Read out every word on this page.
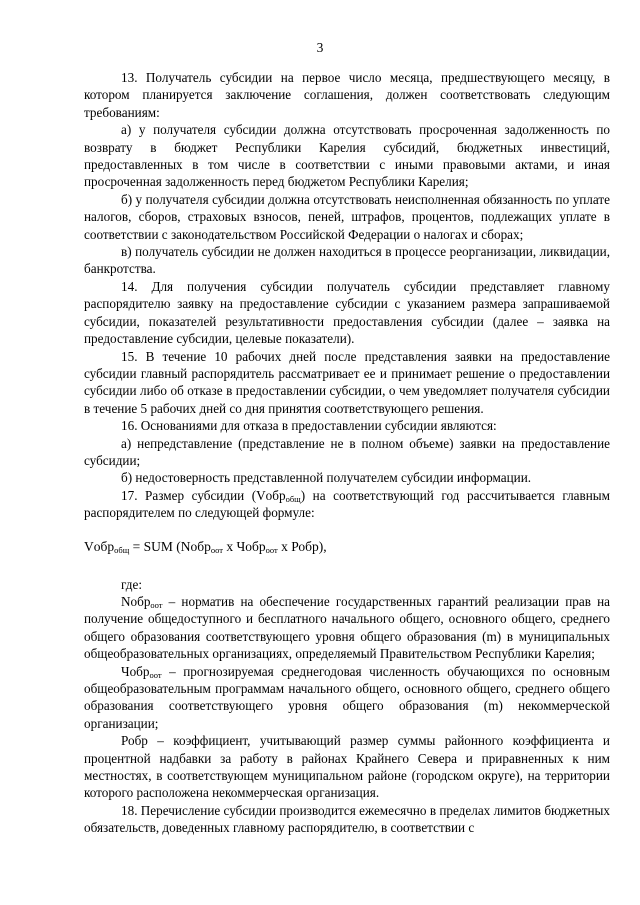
3

13. Получатель субсидии на первое число месяца, предшествующего месяцу, в котором планируется заключение соглашения, должен соответствовать следующим требованиям:

а) у получателя субсидии должна отсутствовать просроченная задолженность по возврату в бюджет Республики Карелия субсидий, бюджетных инвестиций, предоставленных в том числе в соответствии с иными правовыми актами, и иная просроченная задолженность перед бюджетом Республики Карелия;

б) у получателя субсидии должна отсутствовать неисполненная обязанность по уплате налогов, сборов, страховых взносов, пеней, штрафов, процентов, подлежащих уплате в соответствии с законодательством Российской Федерации о налогах и сборах;

в) получатель субсидии не должен находиться в процессе реорганизации, ликвидации, банкротства.

14. Для получения субсидии получатель субсидии представляет главному распорядителю заявку на предоставление субсидии с указанием размера запрашиваемой субсидии, показателей результативности предоставления субсидии (далее – заявка на предоставление субсидии, целевые показатели).

15. В течение 10 рабочих дней после представления заявки на предоставление субсидии главный распорядитель рассматривает ее и принимает решение о предоставлении субсидии либо об отказе в предоставлении субсидии, о чем уведомляет получателя субсидии в течение 5 рабочих дней со дня принятия соответствующего решения.

16. Основаниями для отказа в предоставлении субсидии являются:

а) непредставление (представление не в полном объеме) заявки на предоставление субсидии;

б) недостоверность представленной получателем субсидии информации.

17. Размер субсидии (Vобр$_{общ}$) на соответствующий год рассчитывается главным распорядителем по следующей формуле:

Vобр$_{общ}$ = SUM (Nобр$_{оот}$ x Чобр$_{оот}$ x Робр),

где:

Nобр$_{оот}$ – норматив на обеспечение государственных гарантий реализации прав на получение общедоступного и бесплатного начального общего, основного общего, среднего общего образования соответствующего уровня общего образования (m) в муниципальных общеобразовательных организациях, определяемый Правительством Республики Карелия;

Чобр$_{оот}$ – прогнозируемая среднегодовая численность обучающихся по основным общеобразовательным программам начального общего, основного общего, среднего общего образования соответствующего уровня общего образования (m) некоммерческой организации;

Робр – коэффициент, учитывающий размер суммы районного коэффициента и процентной надбавки за работу в районах Крайнего Севера и приравненных к ним местностях, в соответствующем муниципальном районе (городском округе), на территории которого расположена некоммерческая организация.

18. Перечисление субсидии производится ежемесячно в пределах лимитов бюджетных обязательств, доведенных главному распорядителю, в соответствии с
